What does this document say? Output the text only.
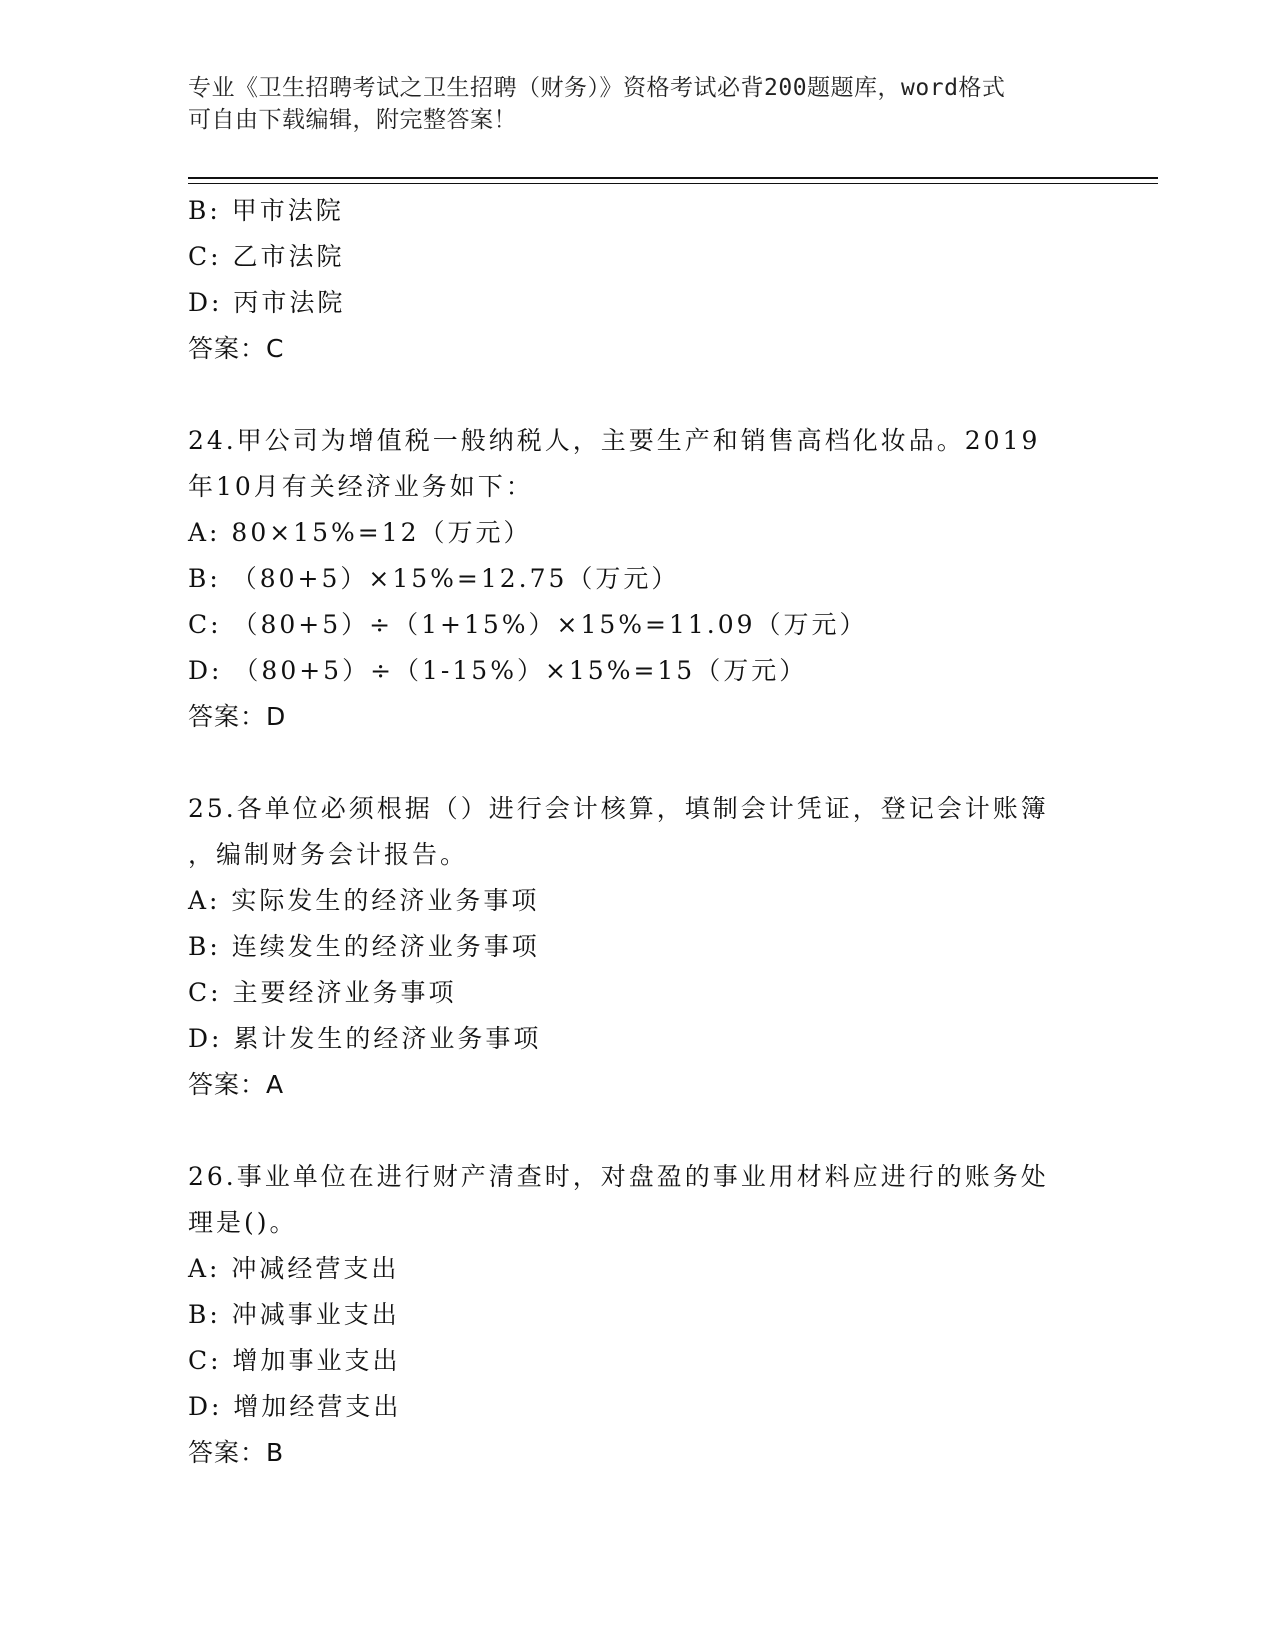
专业《卫生招聘考试之卫生招聘（财务）》资格考试必背200题题库，word格式
可自由下载编辑，附完整答案！
B: 甲市法院
C: 乙市法院
D: 丙市法院
答案：C
24.甲公司为增值税一般纳税人，主要生产和销售高档化妆品。2019
年10月有关经济业务如下：
A: 80×15%=12（万元）
B: （80+5）×15%=12.75（万元）
C: （80+5）÷（1+15%）×15%=11.09（万元）
D: （80+5）÷（1-15%）×15%=15（万元）
答案：D
25.各单位必须根据（）进行会计核算，填制会计凭证，登记会计账簿
，编制财务会计报告。
A: 实际发生的经济业务事项
B: 连续发生的经济业务事项
C: 主要经济业务事项
D: 累计发生的经济业务事项
答案：A
26.事业单位在进行财产清查时，对盘盈的事业用材料应进行的账务处
理是()。
A: 冲减经营支出
B: 冲减事业支出
C: 增加事业支出
D: 增加经营支出
答案：B
